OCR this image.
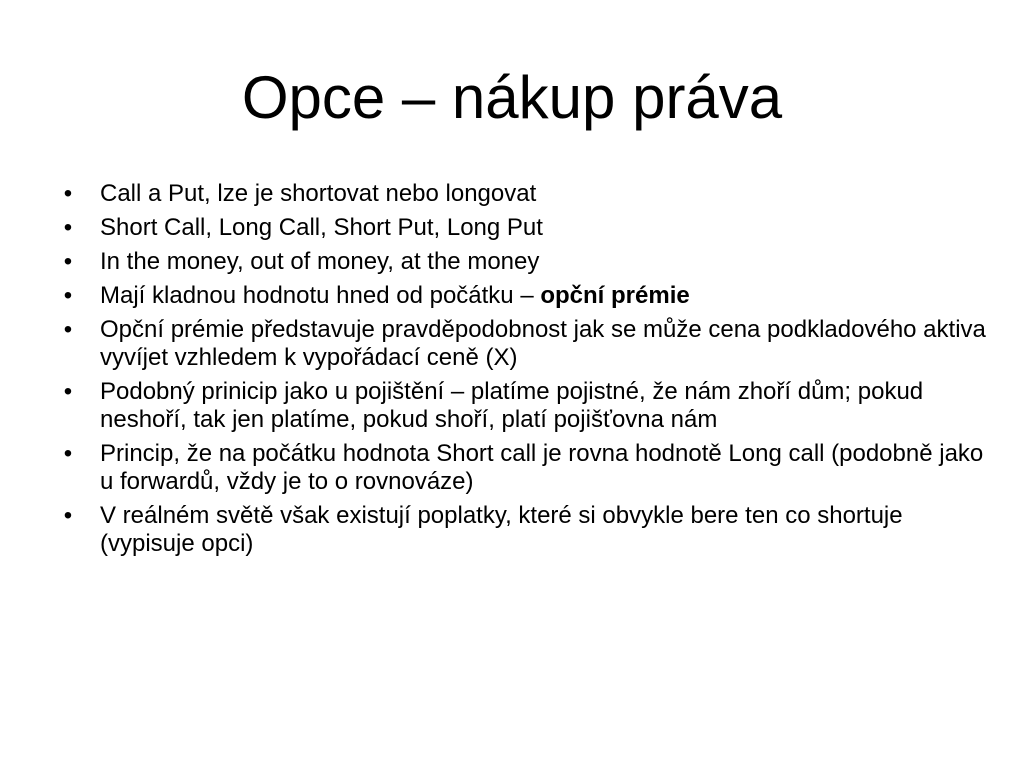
Opce – nákup práva
• Call a Put, lze je shortovat nebo longovat
• Short Call, Long Call, Short Put, Long Put
• In the money, out of money, at the money
• Mají kladnou hodnotu hned od počátku – opční prémie
• Opční prémie představuje pravděpodobnost jak se může cena podkladového aktiva vyvíjet vzhledem k vypořádací ceně (X)
• Podobný prinicip jako u pojištění – platíme pojistné, že nám zhoří dům; pokud neshoří, tak jen platíme, pokud shoří, platí pojišťovna nám
• Princip, že na počátku hodnota Short call je rovna hodnotě Long call (podobně jako u forwardů, vždy je to o rovnováze)
• V reálném světě však existují poplatky, které si obvykle bere ten co shortuje (vypisuje opci)
